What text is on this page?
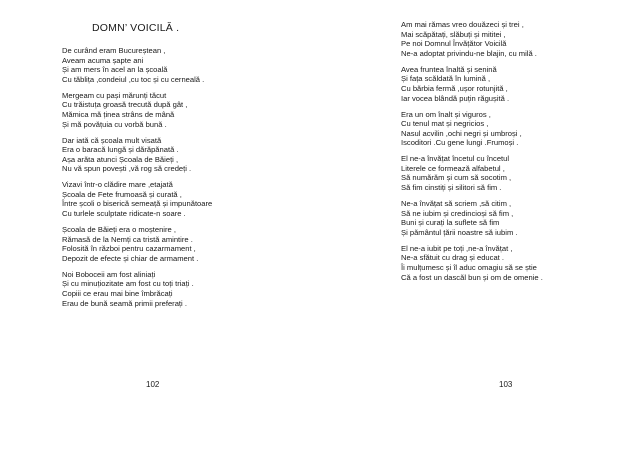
DOMN’ VOICILĂ .
De curând eram Bucureștean ,
Aveam acuma șapte ani
Și am mers în acel an la școală
Cu tăblița ,condeiul ,cu toc și cu cerneală .
Mergeam cu pași mărunți tăcut
Cu trăistuța groasă trecută după gât ,
Mămica mă ținea strâns de mână
Și mă povățuia cu vorbă bună .
Dar iată că școala mult visată
Era o baracă lungă și dărăpănată .
Așa arăta atunci Școala de Băieți ,
Nu vă spun povești ,vă rog să credeți .
Vizavi într-o clădire mare ,etajată
Școala de Fete frumoasă și curată ,
Între școli o biserică semeață și impunătoare
Cu turlele sculptate ridicate-n soare .
Școala de Băieți era o moștenire ,
Rămasă de la Nemți ca tristă amintire .
Folosită în război pentru cazarmament ,
Depozit de efecte și chiar de armament .
Noi Boboceii am fost aliniați
Și cu minuțiozitate am fost cu toți triați .
Copiii ce erau mai bine îmbrăcați
Erau de bună seamă primii preferați .
102
Am mai rămas vreo douăzeci și trei ,
Mai scăpătați, slăbuți și mititei ,
Pe noi Domnul Învățător Voicilă
Ne-a adoptat privindu-ne blajin, cu milă .
Avea fruntea înaltă și senină
Și fața scăldată în lumină ,
Cu bărbia fermă ,ușor rotunjită ,
Iar vocea blândă puțin răgușită .
Era un om înalt și viguros ,
Cu tenul mat și negricios ,
Nasul acvilin ,ochi negri și umbroși ,
Iscoditori .Cu gene lungi .Frumoși .
El ne-a învățat încetul cu încetul
Literele ce formează alfabetul ,
Să numărăm și cum să socotim ,
Să fim cinstiți și silitori să fim .
Ne-a învățat să scriem ,să citim ,
Să ne iubim și credincioși să fim ,
Buni și curați la suflete să fim
Și pământul țării noastre să iubim .
El ne-a iubit pe toți ,ne-a învățat ,
Ne-a sfătuit cu drag și educat .
Îi mulțumesc și îl aduc omagiu să se știe
Că a fost un dascăl bun și om de omenie .
103
